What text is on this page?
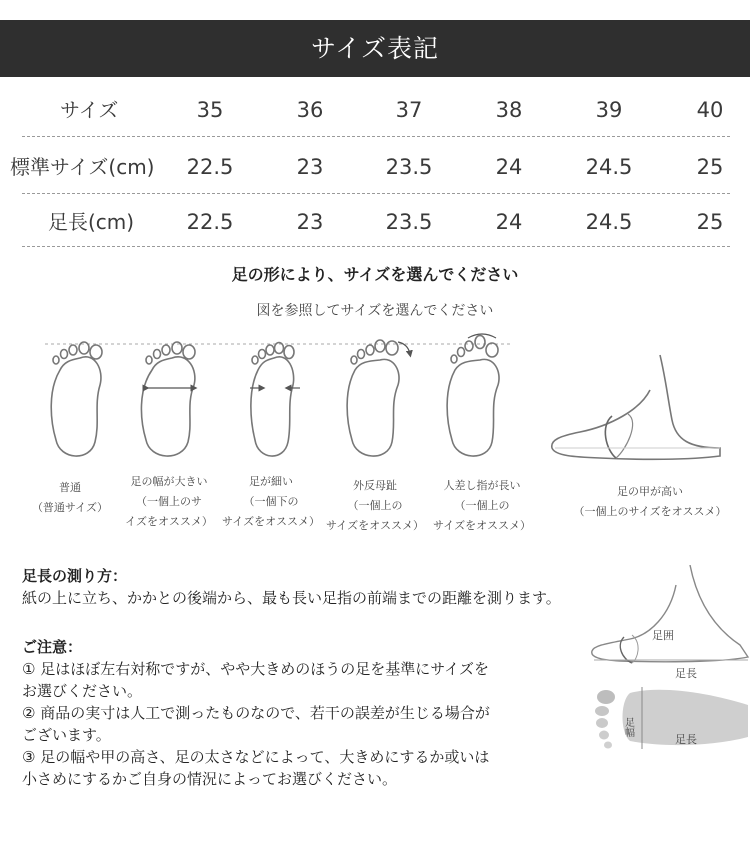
サイズ表記
サイズ	35	36	37	38	39	40
標準サイズ(cm)	22.5	23	23.5	24	24.5	25
足長(cm)	22.5	23	23.5	24	24.5	25
足の形により、サイズを選んでください
図を参照してサイズを選んでください
普通
（普通サイズ）
足の幅が大きい
（一個上のサ
イズをオススメ）
足が細い
（一個下の
サイズをオススメ）
外反母趾
（一個上の
サイズをオススメ）
人差し指が長い
（一個上の
サイズをオススメ）
足の甲が高い
（一個上のサイズをオススメ）
足長の測り方：
紙の上に立ち、かかとの後端から、最も長い足指の前端までの距離を測ります。
ご注意：
① 足はほぼ左右対称ですが、やや大きめのほうの足を基準にサイズを
お選びください。
② 商品の実寸は人工で測ったものなので、若干の誤差が生じる場合が
ございます。
③ 足の幅や甲の高さ、足の太さなどによって、大きめにするか或いは
小さめにするかご自身の情況によってお選びください。
足囲
足長
足幅
足長
